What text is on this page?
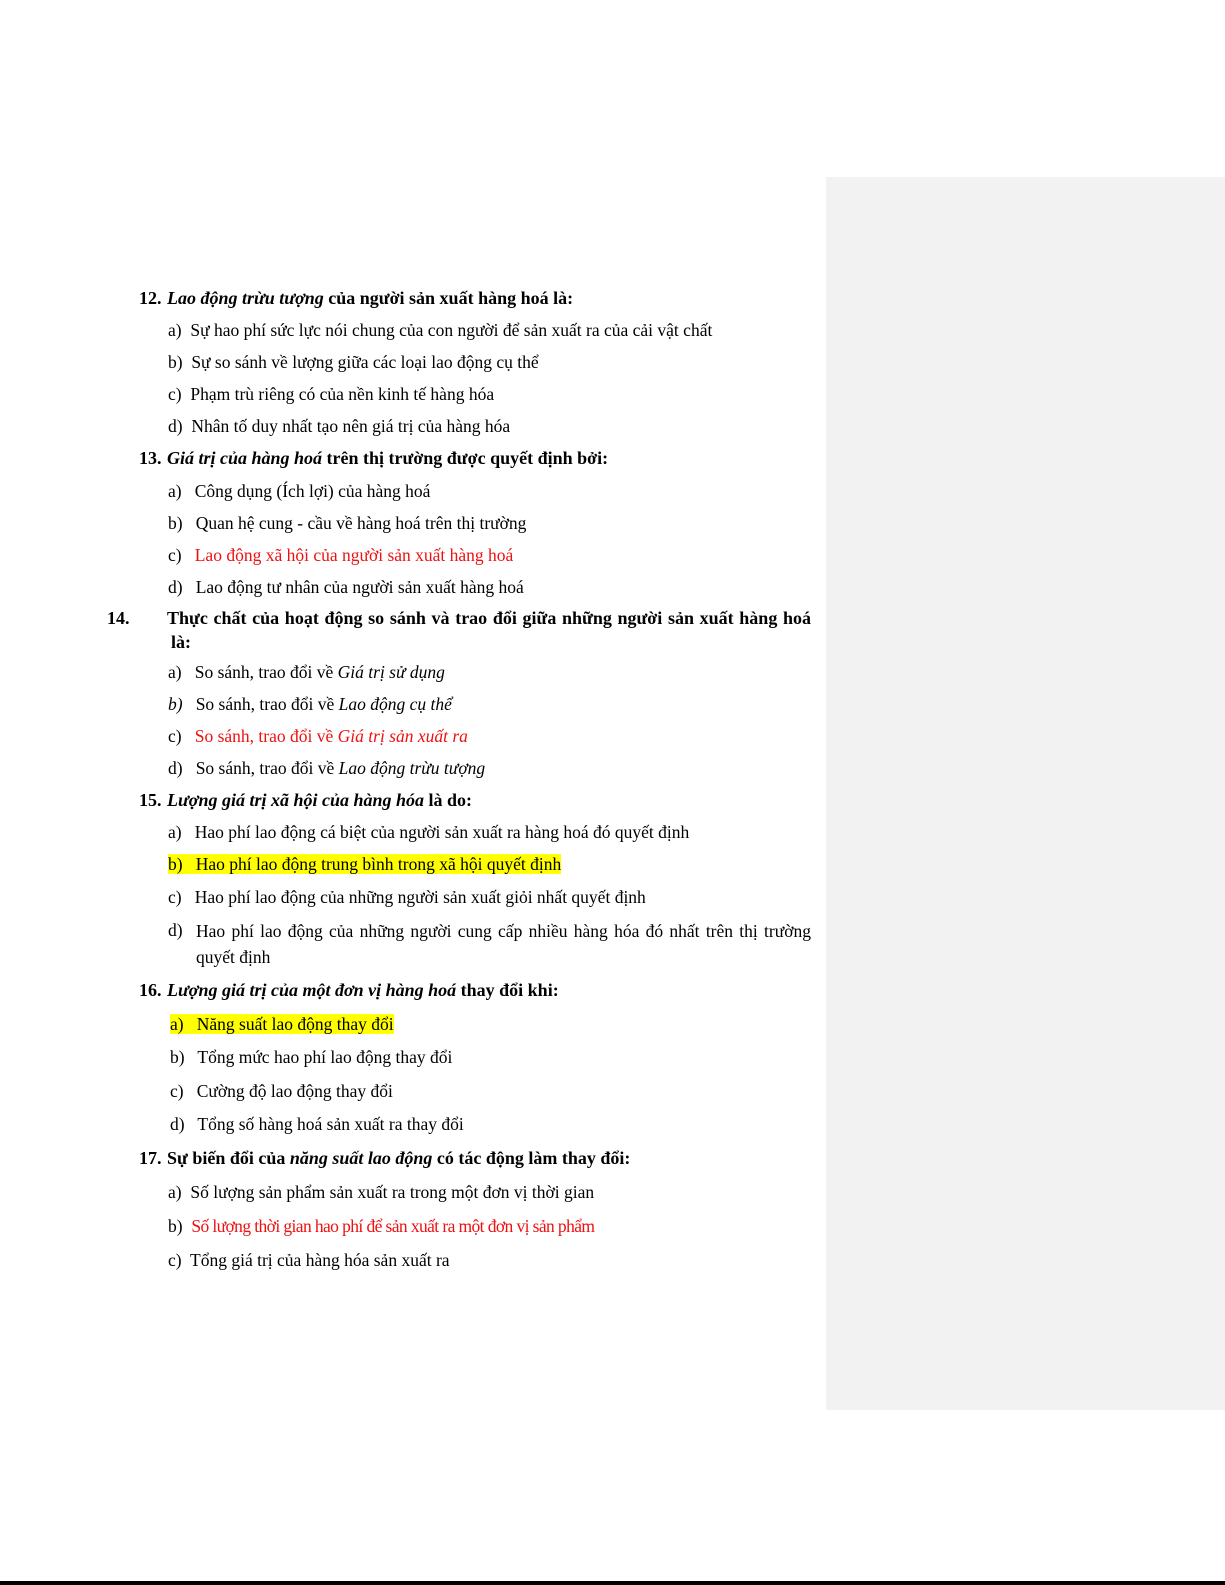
12. Lao động trừu tượng của người sản xuất hàng hoá là:
a) Sự hao phí sức lực nói chung của con người để sản xuất ra của cải vật chất
b) Sự so sánh về lượng giữa các loại lao động cụ thể
c) Phạm trù riêng có của nền kinh tế hàng hóa
d) Nhân tố duy nhất tạo nên giá trị của hàng hóa
13. Giá trị của hàng hoá trên thị trường được quyết định bởi:
a) Công dụng (Ích lợi) của hàng hoá
b) Quan hệ cung - cầu về hàng hoá trên thị trường
c) Lao động xã hội của người sản xuất hàng hoá
d) Lao động tư nhân của người sản xuất hàng hoá
14. Thực chất của hoạt động so sánh và trao đổi giữa những người sản xuất hàng hoá là:
a) So sánh, trao đổi về Giá trị sử dụng
b) So sánh, trao đổi về Lao động cụ thể
c) So sánh, trao đổi về Giá trị sản xuất ra
d) So sánh, trao đổi về Lao động trừu tượng
15. Lượng giá trị xã hội của hàng hóa là do:
a) Hao phí lao động cá biệt của người sản xuất ra hàng hoá đó quyết định
b) Hao phí lao động trung bình trong xã hội quyết định
c) Hao phí lao động của những người sản xuất giỏi nhất quyết định
d) Hao phí lao động của những người cung cấp nhiều hàng hóa đó nhất trên thị trường quyết định
16. Lượng giá trị của một đơn vị hàng hoá thay đổi khi:
a) Năng suất lao động thay đổi
b) Tổng mức hao phí lao động thay đổi
c) Cường độ lao động thay đổi
d) Tổng số hàng hoá sản xuất ra thay đổi
17. Sự biến đổi của năng suất lao động có tác động làm thay đổi:
a) Số lượng sản phẩm sản xuất ra trong một đơn vị thời gian
b) Số lượng thời gian hao phí để sản xuất ra một đơn vị sản phẩm
c) Tổng giá trị của hàng hóa sản xuất ra
